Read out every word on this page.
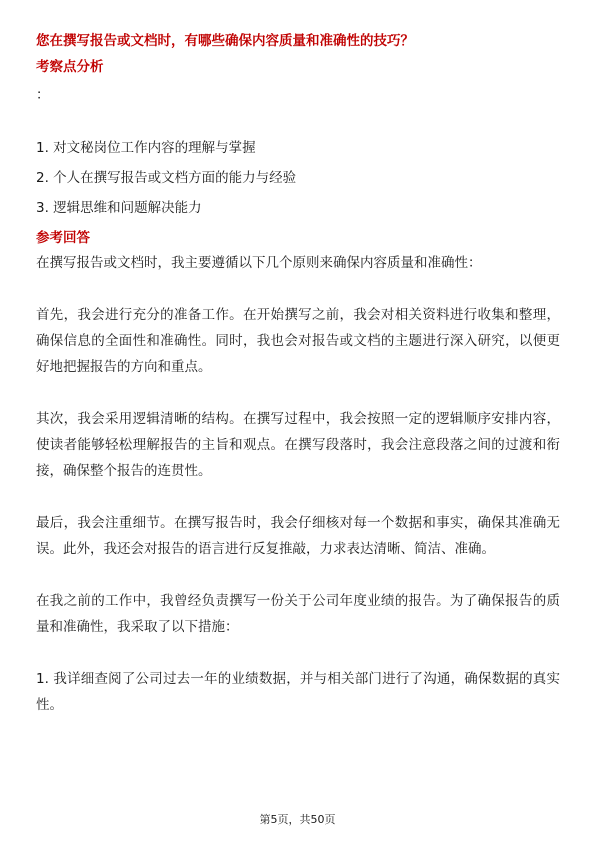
您在撰写报告或文档时，有哪些确保内容质量和准确性的技巧？

考察点分析

：

1. 对文秘岗位工作内容的理解与掌握
2. 个人在撰写报告或文档方面的能力与经验
3. 逻辑思维和问题解决能力

参考回答

在撰写报告或文档时，我主要遵循以下几个原则来确保内容质量和准确性：

首先，我会进行充分的准备工作。在开始撰写之前，我会对相关资料进行收集和整理，确保信息的全面性和准确性。同时，我也会对报告或文档的主题进行深入研究，以便更好地把握报告的方向和重点。

其次，我会采用逻辑清晰的结构。在撰写过程中，我会按照一定的逻辑顺序安排内容，使读者能够轻松理解报告的主旨和观点。在撰写段落时，我会注意段落之间的过渡和衔接，确保整个报告的连贯性。

最后，我会注重细节。在撰写报告时，我会仔细核对每一个数据和事实，确保其准确无误。此外，我还会对报告的语言进行反复推敲，力求表达清晰、简洁、准确。

在我之前的工作中，我曾经负责撰写一份关于公司年度业绩的报告。为了确保报告的质量和准确性，我采取了以下措施：

1. 我详细查阅了公司过去一年的业绩数据，并与相关部门进行了沟通，确保数据的真实性。

第5页，共50页
